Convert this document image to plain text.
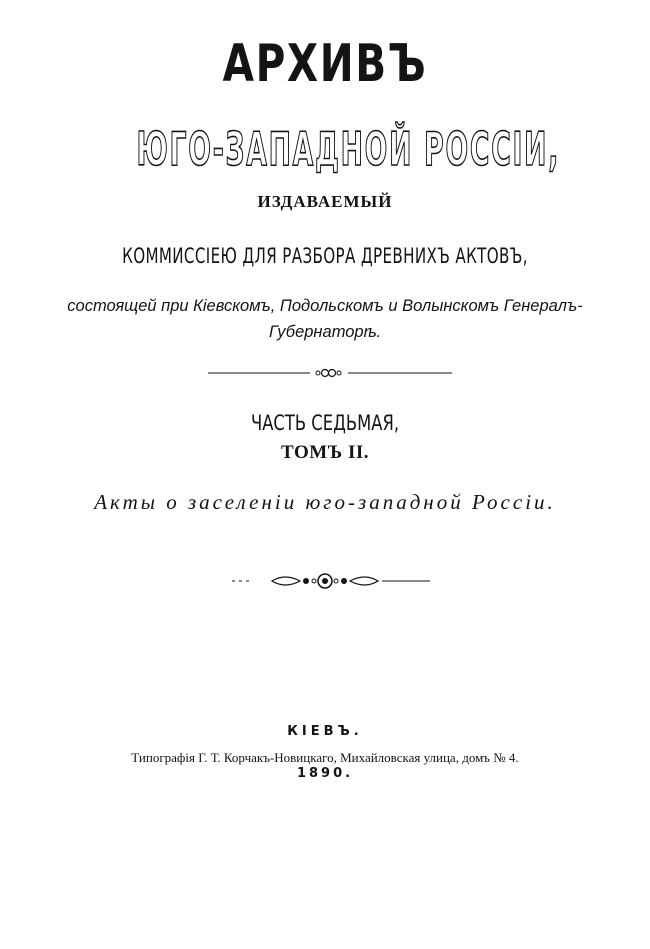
АРХИВЪ
ЮГО-ЗАПАДНОЙ РОССІИ,
ИЗДАВАЕМЫЙ
КОММИССІЕЮ ДЛЯ РАЗБОРА ДРЕВНИХЪ АКТОВЪ,
состоящей при Кіевскомъ, Подольскомъ и Волынскомъ Генералъ-
Губернаторѣ.
ЧАСТЬ СЕДЬМАЯ,
ТОМЪ II.
Акты о заселеніи юго-западной Россіи.
КІЕВЪ.
Типографія Г. Т. Корчакъ-Новицкаго, Михайловская улица, домъ № 4.
1890.
